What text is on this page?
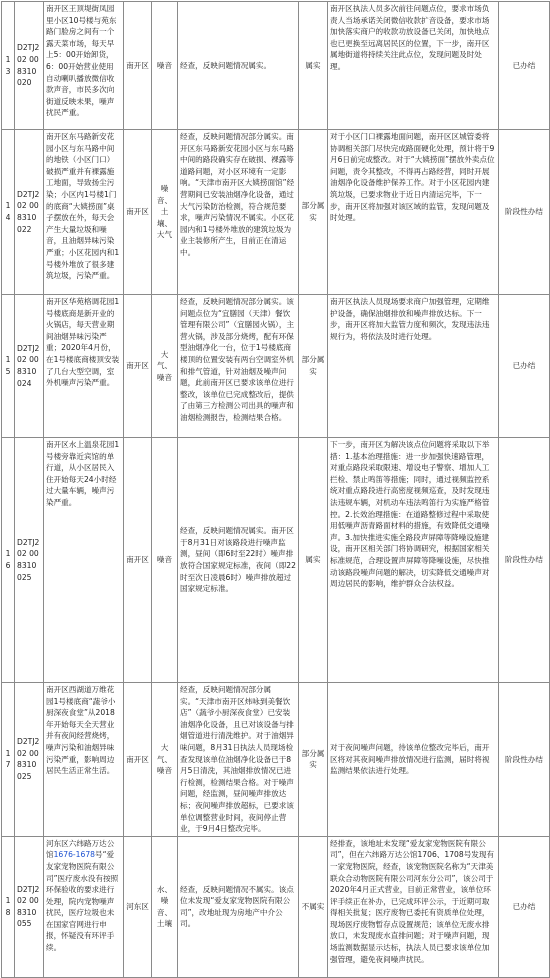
13	D2TJ202 008310020	南开区王顶堤街凤园里小区10号楼与苑东路门脸房之间有一个露天菜市场，每天早上5：00开始卸货，6：00开始营业使用自动喇叭播放微信收款声音，市民多次向街道反映未果，噪声扰民严重。	南开区	噪音	经查，反映问题情况属实。	属实	南开区执法人员多次前往问题点位，要求市场负责人当场承诺关闭微信收款扩音设备，要求市场加快落实商户的收款功放设备已关闭，加快地点也已更换至远离居民区的位置，下一步，南开区属地街道将持续关注此点位，发现问题及时处理。	已办结
14	D2TJ202 008310022	南开区东马路新安花园小区与东马路中间的地铁（小区门口）破损严重并有裸露施工地面，导致扬尘污染；小区内1号楼1门的底商“大姨捞面”桌子摆放在外，每天会产生大量垃圾和噪音，且油烟异味污染严重；小区花园内和1号楼外堆放了很多建筑垃圾，污染严重。	南开区	噪音、土壤、大气	经查，反映问题情况部分属实。南开区东马路新安花园小区与东马路中间的路段确实存在破损、裸露等道路问题，对小区环境有一定影响。“天津市南开区大姨捞面馆”经营期间已安装油烟净化设备，通过大气污染防治检测，符合规范要求，噪声污染情况不属实。小区花园内和1号楼外堆放的建筑垃圾为业主装修所产生，目前正在清运中。	部分属实	对于小区门口裸露地面问题，南开区区城管委将协调相关部门尽快完成路面硬化处理，预计将于9月6日前完成整改。对于“大姨捞面”摆放外卖点位问题，责令其整改，不得再占路经营，同时开展油烟净化设备维护保养工作。对于小区花园内建筑垃圾，已要求物业于近日内清运完毕，下一步，南开区将加强对该区域的监管，发现问题及时处理。	阶段性办结
15	D2TJ202 008310024	南开区华苑格调花园1号楼底商是新开业的火锅店，每天营业期间油烟异味污染严重；2020年4月份，在1号楼底商楼顶安装了几台大型空调，室外机噪声污染严重。	南开区	大气、噪音	经查，反映问题情况部分属实。该问题点位为“宜膳园（天津）餐饮管理有限公司”（宜膳园火锅），主营火锅，涉及部分烧烤，配有环保型油烟净化一台，位于1号楼底商楼顶的位置安装有两台空调室外机和排气管道，针对油烟及噪声问题，此前南开区已要求该单位进行整改，该单位已完成整改后，提供了由第三方检测公司出具的噪声和油烟检测报告，检测结果合格。	部分属实	南开区执法人员现场要求商户加强管理，定期维护设备，确保油烟排放和噪声排放达标。下一步，南开区将加大监管力度和频次，发现违法违规行为，将依法及时进行处理。	已办结
16	D2TJ202 008310025	南开区水上温泉花园1号楼旁靠近宾馆的单行道，从小区居民入住开始每天24小时经过大量车辆，噪声污染严重。	南开区	噪音	经查，反映问题情况属实。南开区于8月31日对该路段进行噪声监测，昼间（即6时至22时）噪声排放符合国家规定标准，夜间（即22时至次日凌晨6时）噪声排放超过国家规定标准。	属实	下一步，南开区为解决该点位问题将采取以下举措：1.基本治理措施：进一步加强快速路管理，对重点路段采取限速、增设电子警察、增加人工拦检、禁止鸣笛等措施；同时，通过视频监控系统对重点路段进行高密度视频巡查，及时发现违法违规车辆，对机动车违法鸣笛行为实施严格管控。2.长效治理措施：在道路整修过程中采取使用低噪声沥青路面材料的措施，有效降低交通噪声。3.加快推进实施全路段声屏障等降噪设施建设，南开区相关部门将协调研究，根据国家相关标准规范，合理设置声屏障等降噪设施，尽快推动该路段噪声问题的解决，切实降低交通噪声对周边居民的影响，维护群众合法权益。	阶段性办结
17	D2TJ202 008310025	南开区西湖道万维花园1号楼底商“蔬爷小厨深夜食堂”从2018年开始每天全天营业并有夜间经营烧烤，噪声污染和油烟异味污染严重，影响周边居民生活正常生活。	南开区	大气、噪音	经查，反映问题情况部分属实。“天津市南开区炜咏到美餐饮店”（蔬爷小厨深夜食堂）已安装油烟净化设备，且已对该设备与排烟管道进行清洗维护。对于油烟异味问题，8月31日执法人员现场检查发现该单位油烟净化设备已于8月5日清洗，其油烟排放情况已进行检测，检测结果合格。对于噪声问题，经监测，昼间噪声排放达标；夜间噪声排放超标，已要求该单位调整营业时间，夜间停止营业，于9月4日整改完毕。	部分属实	对于夜间噪声问题，待该单位整改完毕后，南开区将对其夜间噪声排放情况进行监测，届时将视监测结果依法进行处理。	阶段性办结
18	D2TJ202 008310055	河东区六纬路万达公馆1676-1678号“爱友家宠物医院有限公司”医疗废水没有按照环保验收的要求进行处理，院内宠物噪声扰民，医疗垃圾也未在国家官网进行申报，怀疑没有环评手续。	河东区	水、噪音、土壤	经查，反映问题情况不属实。该点位未发现“爱友家宠物医院有限公司”，改地址现为房地产中介公司。	不属实	经排查，该地址未发现“爱友家宠物医院有限公司”，但在六纬路万达公馆1706、1708号发现有一家宠物医院，经查，该宠物医院名称为“天津美联众合动物医院有限公司河东分公司”，该公司于2020年4月正式营业，目前正常营业，该单位环评手续正在补办，已完成环评公示，于近期可取得相关批复；医疗废物已委托有资质单位处理，现场医疗废物暂存点设置规范；该单位无废水排放口，未发现废水直排问题；对于噪声问题，现场监测数据显示达标，执法人员已要求该单位加强管理，避免夜间噪声扰民。	已办结
